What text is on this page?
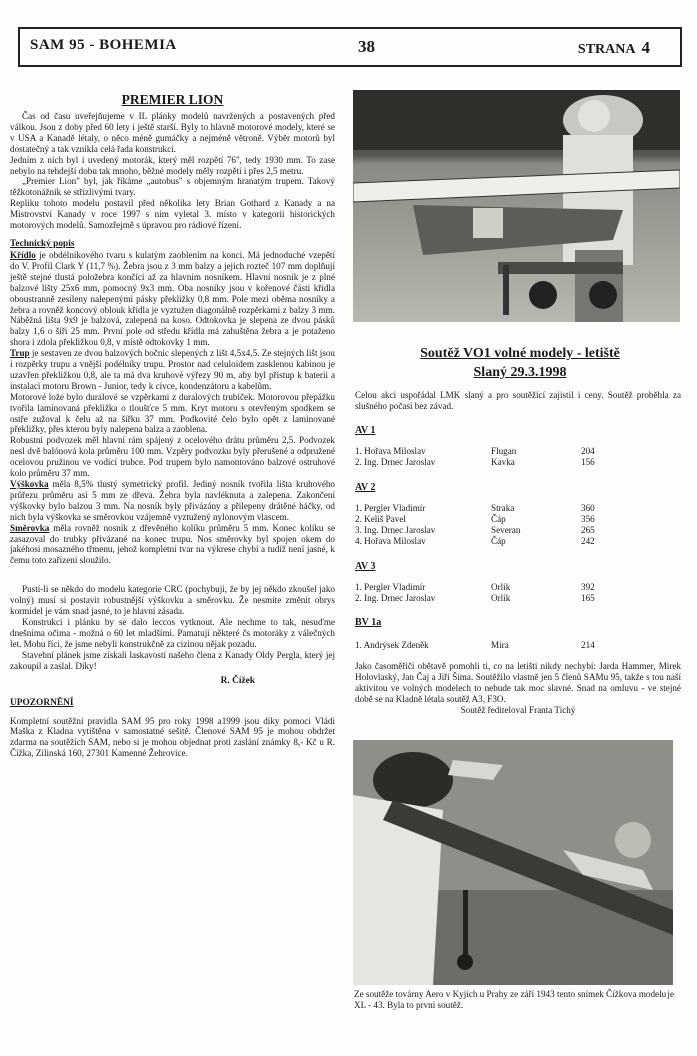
SAM 95 - BOHEMIA	38	STRANA 4
PREMIER LION

Čas od času uveřejňujeme v IL plánky modelů navržených a postavených před válkou. Jsou z doby před 60 lety i ještě starší. Byly to hlavně motorové modely, které se v USA a Kanadě létaly, o něco méně gumáčky a nejméně větroně. Výběr motorů byl dostatečný a tak vznikla celá řada konstrukcí.

Jedním z nich byl i uvedený motorák, který měl rozpětí 76", tedy 1930 mm. To zase nebylo na tehdejší dobu tak mnoho, běžné modely měly rozpětí i přes 2,5 metru.

„Premier Lion" byl, jak říkáme „autobus" s objemným hranatým trupem. Takový těžkotonážník se střízlivými tvary.

Repliku tohoto modelu postavil před několika lety Brian Gothard z Kanady a na Mistrovství Kanady v roce 1997 s ním vyletal 3. místo v kategorii historických motorových modelů. Samozřejmě s úpravou pro rádiové řízení.

Technický popis

Křídlo je obdélníkového tvaru s kulatým zaoblením na konci. Má jednoduché vzepětí do V. Profil Clark Y (11,7 %). Žebra jsou z 3 mm balzy a jejich rozteč 107 mm doplňují ještě stejné tlustá položebra končící až za hlavním nosníkem. Hlavní nosník je z plné balzové lišty 25x6 mm, pomocný 9x3 mm. Oba nosníky jsou v kořenové části křídla oboustranně zesíleny nalepenými pásky překližky 0,8 mm. Pole mezi oběma nosníky a žebra a rovněž koncový oblouk křídla je vyztužen diagonálně rozpěrkami z balzy 3 mm. Náběžná lišta 9x9 je balzová, zalepená na koso. Odtokovka je slepena ze dvou pásků balzy 1,6 o šíři 25 mm. První pole od středu křídla má zahuštěna žebra a je potaženo shora i zdola překližkou 0,8, v místě odtokovky 1 mm.

Trup je sestaven ze dvou balzových bočnic slepených z lišt 4,5x4,5. Ze stejných lišt jsou i rozpěrky trupu a vnější podélníky trupu. Prostor nad celuloidem zasklenou kabinou je uzavřen překližkou 0,8, ale ta má dva kruhové výřezy 90 m, aby byl přístup k baterii a instalaci motoru Brown - Junior, tedy k cívce, kondenzátoru a kabelům.

Motorové lože bylo duralové se vzpěrkami z duralových trubiček. Motorovou přepážku tvořila laminovaná překližka o tloušťce 5 mm. Kryt motoru s otevřeným spodkem se ostře zužoval k čelu až na šířku 37 mm. Podkovité čelo bylo opět z laminované překližky, přes kterou byly nalepena balza a zaoblena.

Robustní podvozek měl hlavní rám spájený z ocelového drátu průměru 2,5. Podvozek nesl dvě balónová kola průměru 100 mm. Vzpěry podvozku byly přerušené a odpružené ocelovou pružinou ve vodicí trubce. Pod trupem bylo namontováno balzové ostruhové kolo průměru 37 mm.

Výškovka měla 8,5% tlustý symetrický profil. Jediný nosník tvořila lišta kruhového průřezu průměru asi 5 mm ze dřeva. Žebra byla navléknuta a zalepena. Zakončení výškovky bylo balzou 3 mm. Na nosník byly přivázány a přilepeny drátěné háčky, od nich byla výškovka se směrovkou vzájemně vyztužený nylonovým vlascem.

Směrovka měla rovněž nosník z dřevěného kolíku průměru 5 mm. Konec kolíku se zasazoval do trubky přivázané na konec trupu. Nos směrovky byl spojen okem do jakéhosi mosazného třmenu, jehož kompletní tvar na výkrese chybí a tudíž není jasné, k čemu toto zařízení sloužilo.

Pustí-li se někdo do modelu kategorie CRC (pochybuji, že by jej někdo zkoušel jako volný) musí si postavit robustnější výškovku a směrovku. Že nesmíte změnit obrys kormidel je vám snad jasné, to je hlavní zásada.

Konstrukci i plánku by se dalo leccos vytknout. Ale nechme to tak, nesuďme dnešníma očima - možná o 60 let mladšími. Pamatují některé čs motoráky z válečných let. Mohu říci, že jsme nebyli konstrukčně za cizinou nějak pozadu.

Stavební plánek jsme získali laskavostí našeho člena z Kanady Oldy Pergla, který jej zakoupil a zaslal. Díky!

R. Čížek
UPOZORNĚNÍ

Kompletní soutěžní pravidla SAM 95 pro roky 1998 a1999 jsou díky pomoci Vládi Maška z Kladna vytištěna v samostatné sešitě. Členové SAM 95 je mohou obdržet zdarma na soutěžích SAM, nebo si je mohou objednat proti zaslání známky 8,- Kč u R. Čížka, Zilinská 160, 27301 Kamenné Žehrovice.

Soutěž VO1 volné modely - letiště
Slaný 29.3.1998

Celou akci uspořádal LMK slaný a pro soutěžící zajistil i ceny. Soutěž proběhla za slušného počasí bez závad.

AV 1
1. Hořava Miloslav	Flugan	204
2. Ing. Drnec Jaroslav	Kavka	156
AV 2
1. Pergler Vladimír	Straka	360
2. Keliš Pavel	Čáp	356
3. Ing. Drnec Jaroslav	Severan	265
4. Hořava Miloslav	Čáp	242
AV 3
1. Pergler Vladimír	Orlík	392
2. Ing. Drnec Jaroslav	Orlík	165
BV 1a
1. Andrýsek Zdeněk	Míra	214

Jako časoměřiči obětavě pomohli ti, co na letišti nikdy nechybí: Jarda Hammer, Mirek Holovlaský, Jan Čaj a Jiří Šíma. Soutěžilo vlastně jen 5 členů SAMu 95, takže s tou naší aktivitou ve volných modelech to nebude tak moc slavné. Snad na omluvu - ve stejné době se na Kladně létala soutěž A3, F3O.

Soutěž řediteloval Franta Tichý

je
Ze soutěže továrny Aero v Kyjích u Prahy ze září 1943 tento snímek Čížkova modelu XL - 43. Byla to první soutěž.
